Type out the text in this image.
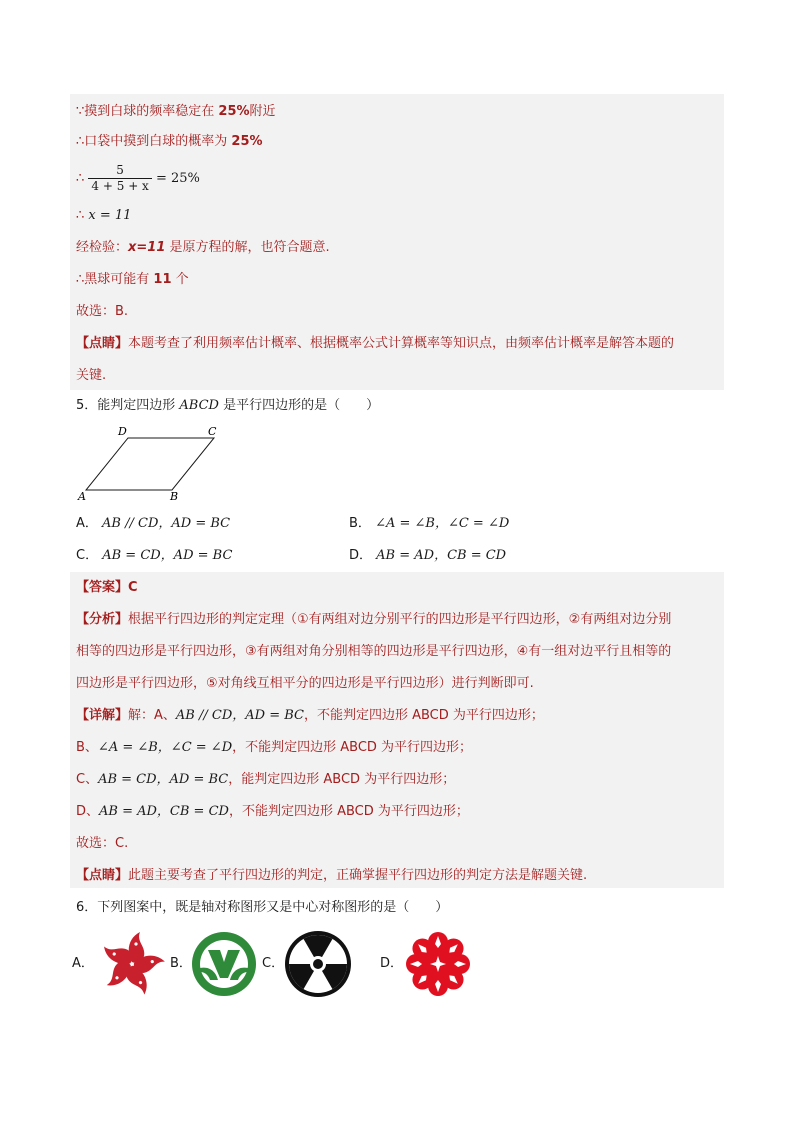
∵摸到白球的频率稳定在 25%附近
∴口袋中摸到白球的概率为 25%
∴ $\frac{5}{4 + 5 + x} = 25\%$
∴ x = 11
经检验：x=11 是原方程的解，也符合题意.
∴黑球可能有 11 个
故选：B.
【点睛】本题考查了利用频率估计概率、根据概率公式计算概率等知识点，由频率估计概率是解答本题的
关键.
5．能判定四边形 ABCD 是平行四边形的是（　　）
A	B
C
D
A． AB // CD，AD = BC	B． ∠A = ∠B，∠C = ∠D
C． AB = CD，AD = BC	D． AB = AD，CB = CD
【答案】C
【分析】根据平行四边形的判定定理（①有两组对边分别平行的四边形是平行四边形，②有两组对边分别
相等的四边形是平行四边形，③有两组对角分别相等的四边形是平行四边形，④有一组对边平行且相等的
四边形是平行四边形，⑤对角线互相平分的四边形是平行四边形）进行判断即可.
【详解】解：A、AB // CD，AD = BC，不能判定四边形 ABCD 为平行四边形；
B、∠A = ∠B，∠C = ∠D，不能判定四边形 ABCD 为平行四边形；
C、AB = CD，AD = BC，能判定四边形 ABCD 为平行四边形；
D、AB = AD，CB = CD，不能判定四边形 ABCD 为平行四边形；
故选：C.
【点睛】此题主要考查了平行四边形的判定，正确掌握平行四边形的判定方法是解题关键.
6．下列图案中，既是轴对称图形又是中心对称图形的是（　　）
A．	B．	C．	D．
